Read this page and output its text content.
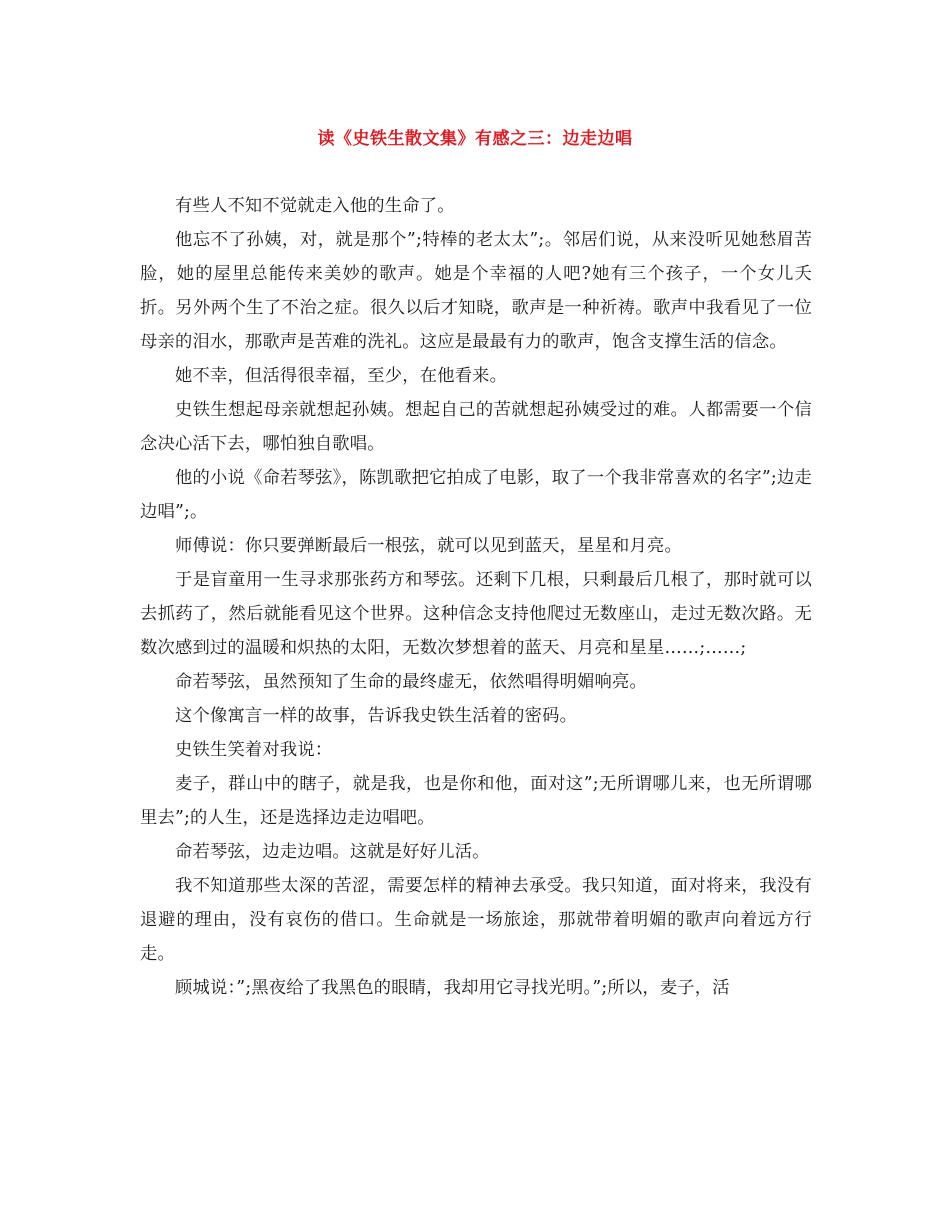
读《史铁生散文集》有感之三：边走边唱

有些人不知不觉就走入他的生命了。

他忘不了孙姨，对，就是那个”;特棒的老太太”;。邻居们说，从来没听见她愁眉苦脸，她的屋里总能传来美妙的歌声。她是个幸福的人吧?她有三个孩子，一个女儿夭折。另外两个生了不治之症。很久以后才知晓，歌声是一种祈祷。歌声中我看见了一位母亲的泪水，那歌声是苦难的洗礼。这应是最最有力的歌声，饱含支撑生活的信念。

她不幸，但活得很幸福，至少，在他看来。

史铁生想起母亲就想起孙姨。想起自己的苦就想起孙姨受过的难。人都需要一个信念决心活下去，哪怕独自歌唱。

他的小说《命若琴弦》，陈凯歌把它拍成了电影，取了一个我非常喜欢的名字”;边走边唱”;。

师傅说：你只要弹断最后一根弦，就可以见到蓝天，星星和月亮。

于是盲童用一生寻求那张药方和琴弦。还剩下几根，只剩最后几根了，那时就可以去抓药了，然后就能看见这个世界。这种信念支持他爬过无数座山，走过无数次路。无数次感到过的温暖和炽热的太阳，无数次梦想着的蓝天、月亮和星星……;……;

命若琴弦，虽然预知了生命的最终虚无，依然唱得明媚响亮。

这个像寓言一样的故事，告诉我史铁生活着的密码。

史铁生笑着对我说：

麦子，群山中的瞎子，就是我，也是你和他，面对这”;无所谓哪儿来，也无所谓哪里去”;的人生，还是选择边走边唱吧。

命若琴弦，边走边唱。这就是好好儿活。

我不知道那些太深的苦涩，需要怎样的精神去承受。我只知道，面对将来，我没有退避的理由，没有哀伤的借口。生命就是一场旅途，那就带着明媚的歌声向着远方行走。

顾城说：”;黑夜给了我黑色的眼睛，我却用它寻找光明。”;所以，麦子，活
